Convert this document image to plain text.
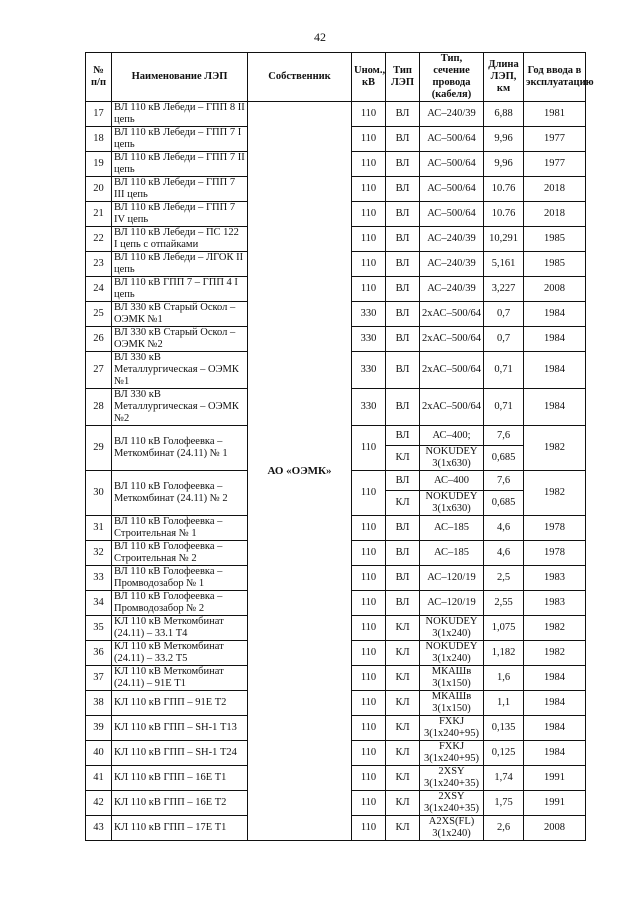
42
№ п/п	Наименование ЛЭП	Собственник	Uном., кВ	Тип ЛЭП	Тип, сечение провода (кабеля)	Длина ЛЭП, км	Год ввода в эксплуатацию
17	ВЛ 110 кВ Лебеди – ГПП 8 II цепь	АО «ОЭМК»	110	ВЛ	АС–240/39	6,88	1981
18	ВЛ 110 кВ Лебеди – ГПП 7 I цепь		110	ВЛ	АС–500/64	9,96	1977
19	ВЛ 110 кВ Лебеди – ГПП 7 II цепь		110	ВЛ	АС–500/64	9,96	1977
20	ВЛ 110 кВ Лебеди – ГПП 7 III цепь		110	ВЛ	АС–500/64	10.76	2018
21	ВЛ 110 кВ Лебеди – ГПП 7 IV цепь		110	ВЛ	АС–500/64	10.76	2018
22	ВЛ 110 кВ Лебеди – ПС 122 I цепь с отпайками		110	ВЛ	АС–240/39	10,291	1985
23	ВЛ 110 кВ Лебеди – ЛГОК II цепь		110	ВЛ	АС–240/39	5,161	1985
24	ВЛ 110 кВ ГПП 7 – ГПП 4 I цепь		110	ВЛ	АС–240/39	3,227	2008
25	ВЛ 330 кВ Старый Оскол – ОЭМК №1		330	ВЛ	2хАС–500/64	0,7	1984
26	ВЛ 330 кВ Старый Оскол – ОЭМК №2		330	ВЛ	2хАС–500/64	0,7	1984
27	ВЛ 330 кВ Металлургическая – ОЭМК №1		330	ВЛ	2хАС–500/64	0,71	1984
28	ВЛ 330 кВ Металлургическая – ОЭМК №2		330	ВЛ	2хАС–500/64	0,71	1984
29	ВЛ 110 кВ Голофеевка – Меткомбинат (24.11) № 1		110	ВЛ	АС–400;	7,6	1982
				КЛ	NOKUDEY 3(1х630)	0,685	
30	ВЛ 110 кВ Голофеевка – Меткомбинат (24.11) № 2		110	ВЛ	АС–400	7,6	1982
				КЛ	NOKUDEY 3(1х630)	0,685	
31	ВЛ 110 кВ Голофеевка – Строительная № 1		110	ВЛ	АС–185	4,6	1978
32	ВЛ 110 кВ Голофеевка – Строительная № 2		110	ВЛ	АС–185	4,6	1978
33	ВЛ 110 кВ Голофеевка – Промводозабор № 1		110	ВЛ	АС–120/19	2,5	1983
34	ВЛ 110 кВ Голофеевка – Промводозабор № 2		110	ВЛ	АС–120/19	2,55	1983
35	КЛ 110 кВ Меткомбинат (24.11) – 33.1 Т4		110	КЛ	NOKUDEY 3(1х240)	1,075	1982
36	КЛ 110 кВ Меткомбинат (24.11) – 33.2 Т5		110	КЛ	NOKUDEY 3(1х240)	1,182	1982
37	КЛ 110 кВ Меткомбинат (24.11) – 91Е Т1		110	КЛ	МКАШв 3(1х150)	1,6	1984
38	КЛ 110 кВ ГПП – 91Е Т2		110	КЛ	МКАШв 3(1х150)	1,1	1984
39	КЛ 110 кВ ГПП – SH-1 Т13		110	КЛ	FXKJ 3(1х240+95)	0,135	1984
40	КЛ 110 кВ ГПП – SH-1 Т24		110	КЛ	FXKJ 3(1х240+95)	0,125	1984
41	КЛ 110 кВ ГПП – 16Е Т1		110	КЛ	2XSY 3(1х240+35)	1,74	1991
42	КЛ 110 кВ ГПП – 16Е Т2		110	КЛ	2XSY 3(1х240+35)	1,75	1991
43	КЛ 110 кВ ГПП – 17Е Т1		110	КЛ	A2XS(FL) 3(1х240)	2,6	2008
